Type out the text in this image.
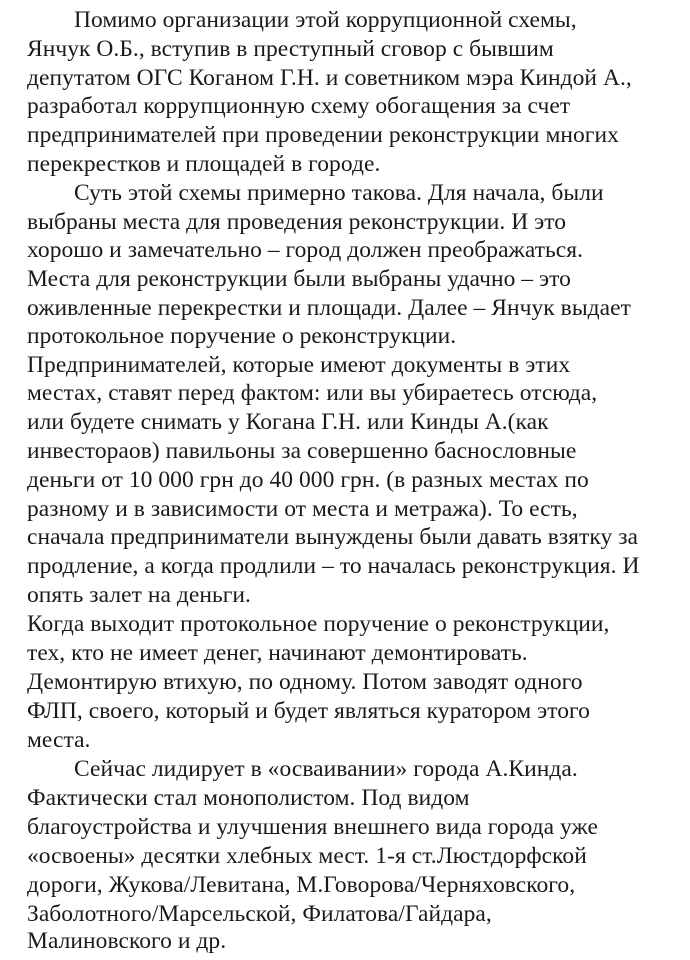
Помимо организации этой коррупционной схемы,

Янчук О.Б., вступив в преступный сговор с бывшим

депутатом ОГС Коганом Г.Н. и советником мэра Киндой А.,

разработал коррупционную схему обогащения за счет

предпринимателей при проведении реконструкции многих

перекрестков и площадей в городе.

Суть этой схемы примерно такова. Для начала, были

выбраны места для проведения реконструкции. И это

хорошо и замечательно – город должен преображаться.

Места для реконструкции были выбраны удачно – это

оживленные перекрестки и площади. Далее – Янчук выдает

протокольное поручение о реконструкции.

Предпринимателей, которые имеют документы в этих

местах, ставят перед фактом: или вы убираетесь отсюда,

или будете снимать у Когана Г.Н. или Кинды А.(как

инвестораов) павильоны за совершенно баснословные

деньги от 10 000 грн до 40 000 грн. (в разных местах по

разному и в зависимости от места и метража). То есть,

сначала предприниматели вынуждены были давать взятку за

продление, а когда продлили – то началась реконструкция. И

опять залет на деньги.

Когда выходит протокольное поручение о реконструкции,

тех, кто не имеет денег, начинают демонтировать.

Демонтирую втихую, по одному. Потом заводят одного

ФЛП, своего, который и будет являться куратором этого

места.

Сейчас лидирует в «осваивании» города А.Кинда.

Фактически стал монополистом. Под видом

благоустройства и улучшения внешнего вида города уже

«освоены» десятки хлебных мест. 1-я ст.Люстдорфской

дороги, Жукова/Левитана, М.Говорова/Черняховского,

Заболотного/Марсельской, Филатова/Гайдара,

Малиновского и др.
